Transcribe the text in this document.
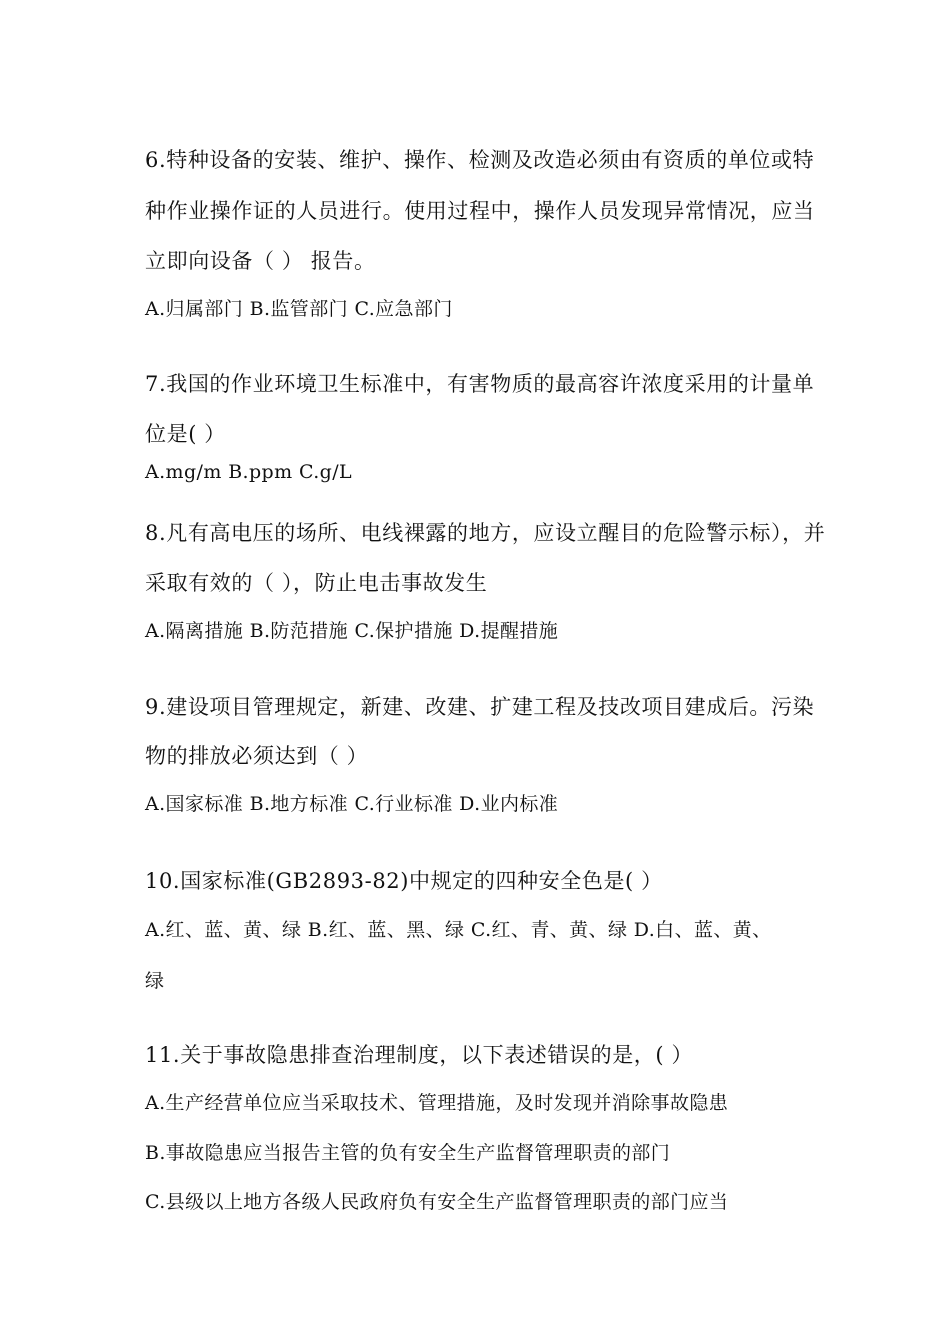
6.特种设备的安装、维护、操作、检测及改造必须由有资质的单位或特
种作业操作证的人员进行。使用过程中，操作人员发现异常情况，应当
立即向设备（ ） 报告。
A.归属部门 B.监管部门 C.应急部门
7.我国的作业环境卫生标准中，有害物质的最高容许浓度采用的计量单
位是( ）
A.mg/m B.ppm C.g/L
8.凡有高电压的场所、电线裸露的地方，应设立醒目的危险警示标），并
采取有效的（ ），防止电击事故发生
A.隔离措施 B.防范措施 C.保护措施 D.提醒措施
9.建设项目管理规定，新建、改建、扩建工程及技改项目建成后。污染
物的排放必须达到（ ）
A.国家标准 B.地方标准 C.行业标准 D.业内标准
10.国家标准(GB2893-82)中规定的四种安全色是( ）
A.红、蓝、黄、绿 B.红、蓝、黑、绿 C.红、青、黄、绿 D.白、蓝、黄、
绿
11.关于事故隐患排查治理制度，以下表述错误的是，( ）
A.生产经营单位应当采取技术、管理措施，及时发现并消除事故隐患
B.事故隐患应当报告主管的负有安全生产监督管理职责的部门
C.县级以上地方各级人民政府负有安全生产监督管理职责的部门应当
